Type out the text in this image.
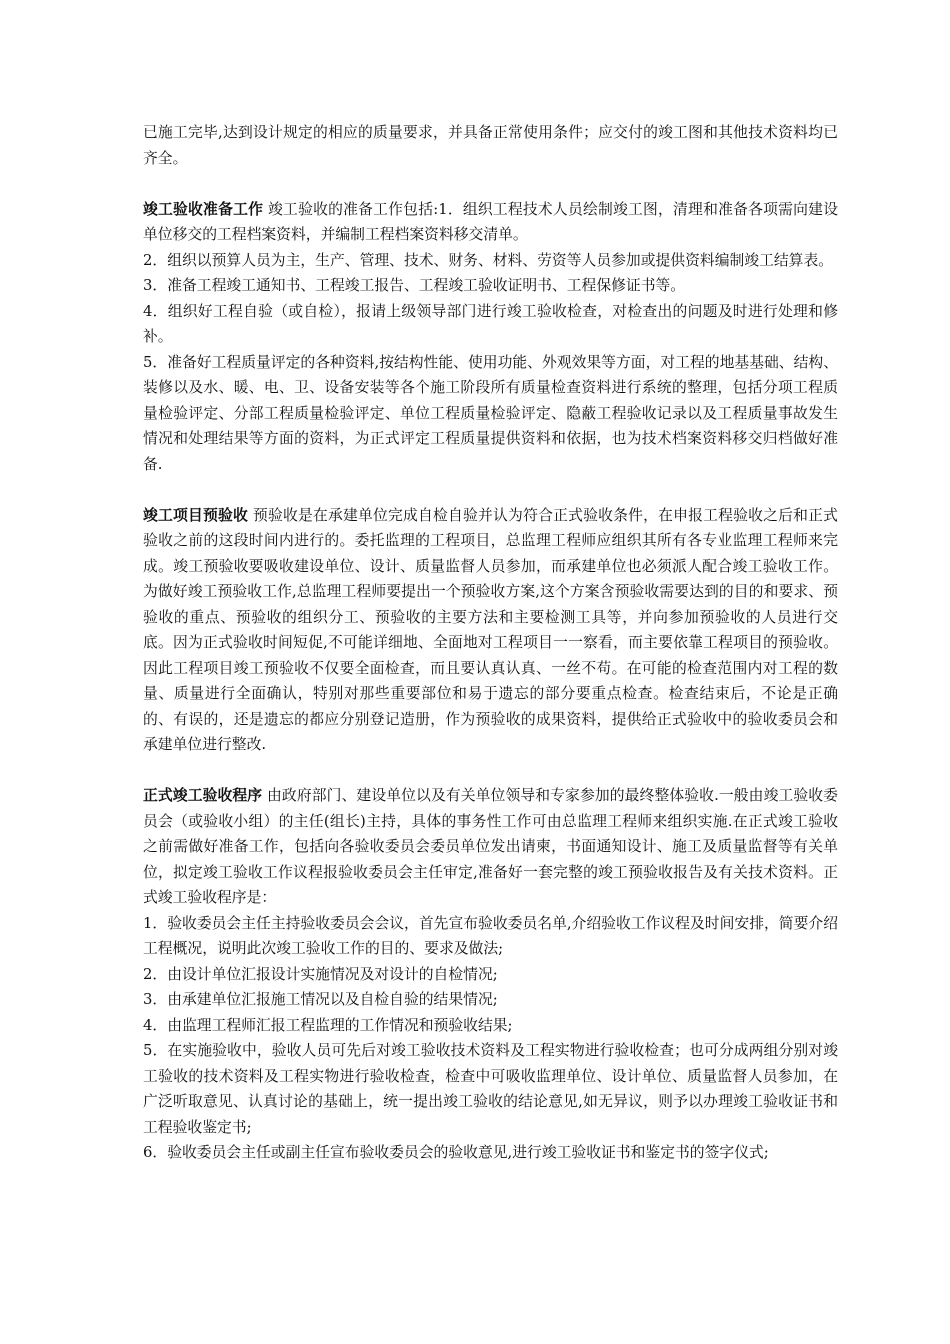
已施工完毕,达到设计规定的相应的质量要求，并具备正常使用条件；应交付的竣工图和其他技术资料均已齐全。

竣工验收准备工作 竣工验收的准备工作包括:1．组织工程技术人员绘制竣工图，清理和准备各项需向建设单位移交的工程档案资料，并编制工程档案资料移交清单。

2．组织以预算人员为主，生产、管理、技术、财务、材料、劳资等人员参加或提供资料编制竣工结算表。

3．准备工程竣工通知书、工程竣工报告、工程竣工验收证明书、工程保修证书等。

4．组织好工程自验（或自检），报请上级领导部门进行竣工验收检查，对检查出的问题及时进行处理和修补。

5．准备好工程质量评定的各种资料,按结构性能、使用功能、外观效果等方面，对工程的地基基础、结构、装修以及水、暖、电、卫、设备安装等各个施工阶段所有质量检查资料进行系统的整理，包括分项工程质量检验评定、分部工程质量检验评定、单位工程质量检验评定、隐蔽工程验收记录以及工程质量事故发生情况和处理结果等方面的资料，为正式评定工程质量提供资料和依据，也为技术档案资料移交归档做好准备.

竣工项目预验收 预验收是在承建单位完成自检自验并认为符合正式验收条件，在申报工程验收之后和正式验收之前的这段时间内进行的。委托监理的工程项目，总监理工程师应组织其所有各专业监理工程师来完成。竣工预验收要吸收建设单位、设计、质量监督人员参加，而承建单位也必须派人配合竣工验收工作。为做好竣工预验收工作,总监理工程师要提出一个预验收方案,这个方案含预验收需要达到的目的和要求、预验收的重点、预验收的组织分工、预验收的主要方法和主要检测工具等，并向参加预验收的人员进行交底。因为正式验收时间短促,不可能详细地、全面地对工程项目一一察看，而主要依靠工程项目的预验收。因此工程项目竣工预验收不仅要全面检查，而且要认真认真、一丝不苟。在可能的检查范围内对工程的数量、质量进行全面确认，特别对那些重要部位和易于遗忘的部分要重点检查。检查结束后，不论是正确的、有误的，还是遗忘的都应分别登记造册，作为预验收的成果资料，提供给正式验收中的验收委员会和承建单位进行整改.

正式竣工验收程序 由政府部门、建设单位以及有关单位领导和专家参加的最终整体验收.一般由竣工验收委员会（或验收小组）的主任(组长)主持，具体的事务性工作可由总监理工程师来组织实施.在正式竣工验收之前需做好准备工作，包括向各验收委员会委员单位发出请柬，书面通知设计、施工及质量监督等有关单位，拟定竣工验收工作议程报验收委员会主任审定,准备好一套完整的竣工预验收报告及有关技术资料。正式竣工验收程序是：

1．验收委员会主任主持验收委员会会议，首先宣布验收委员名单,介绍验收工作议程及时间安排，简要介绍工程概况，说明此次竣工验收工作的目的、要求及做法;

2．由设计单位汇报设计实施情况及对设计的自检情况;

3．由承建单位汇报施工情况以及自检自验的结果情况;

4．由监理工程师汇报工程监理的工作情况和预验收结果;

5．在实施验收中，验收人员可先后对竣工验收技术资料及工程实物进行验收检查；也可分成两组分别对竣工验收的技术资料及工程实物进行验收检查，检查中可吸收监理单位、设计单位、质量监督人员参加，在广泛听取意见、认真讨论的基础上，统一提出竣工验收的结论意见,如无异议，则予以办理竣工验收证书和工程验收鉴定书;

6．验收委员会主任或副主任宣布验收委员会的验收意见,进行竣工验收证书和鉴定书的签字仪式;
